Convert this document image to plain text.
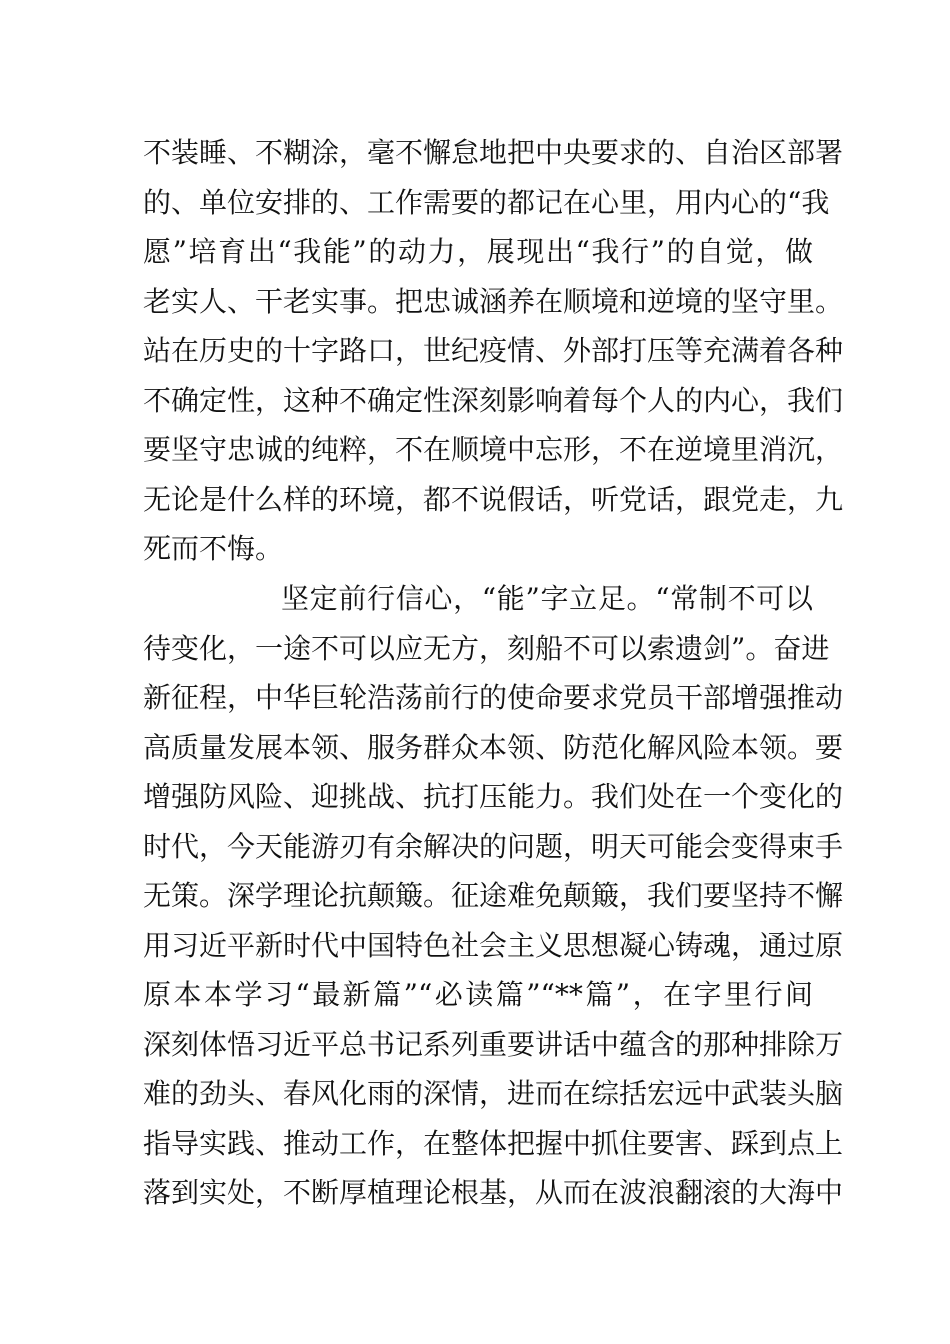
不装睡、不糊涂，毫不懈怠地把中央要求的、自治区部署
的、单位安排的、工作需要的都记在心里，用内心的“我
愿”培育出“我能”的动力，展现出“我行”的自觉，做
老实人、干老实事。把忠诚涵养在顺境和逆境的坚守里。
站在历史的十字路口，世纪疫情、外部打压等充满着各种
不确定性，这种不确定性深刻影响着每个人的内心，我们
要坚守忠诚的纯粹，不在顺境中忘形，不在逆境里消沉，
无论是什么样的环境，都不说假话，听党话，跟党走，九
死而不悔。
坚定前行信心，“能”字立足。“常制不可以
待变化，一途不可以应无方，刻船不可以索遗剑”。奋进
新征程，中华巨轮浩荡前行的使命要求党员干部增强推动
高质量发展本领、服务群众本领、防范化解风险本领。要
增强防风险、迎挑战、抗打压能力。我们处在一个变化的
时代，今天能游刃有余解决的问题，明天可能会变得束手
无策。深学理论抗颠簸。征途难免颠簸，我们要坚持不懈
用习近平新时代中国特色社会主义思想凝心铸魂，通过原
原本本学习“最新篇”“必读篇”“**篇”，在字里行间
深刻体悟习近平总书记系列重要讲话中蕴含的那种排除万
难的劲头、春风化雨的深情，进而在综括宏远中武装头脑
指导实践、推动工作，在整体把握中抓住要害、踩到点上
落到实处，不断厚植理论根基，从而在波浪翻滚的大海中
